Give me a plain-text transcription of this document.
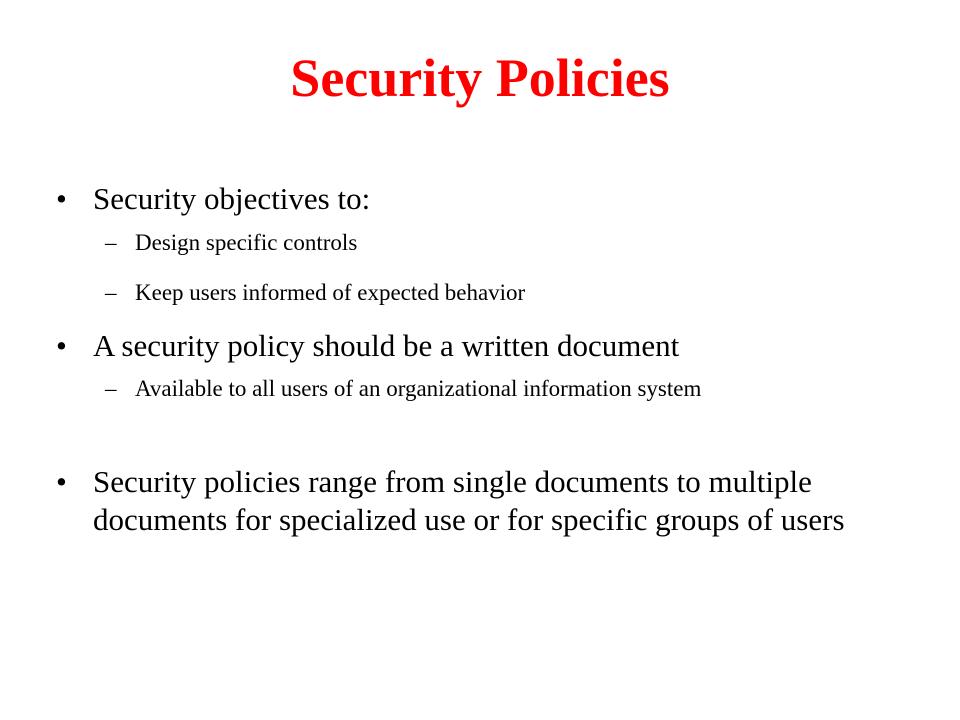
Security Policies
• Security objectives to:
– Design specific controls
– Keep users informed of expected behavior
• A security policy should be a written document
– Available to all users of an organizational information system
• Security policies range from single documents to multiple documents for specialized use or for specific groups of users
